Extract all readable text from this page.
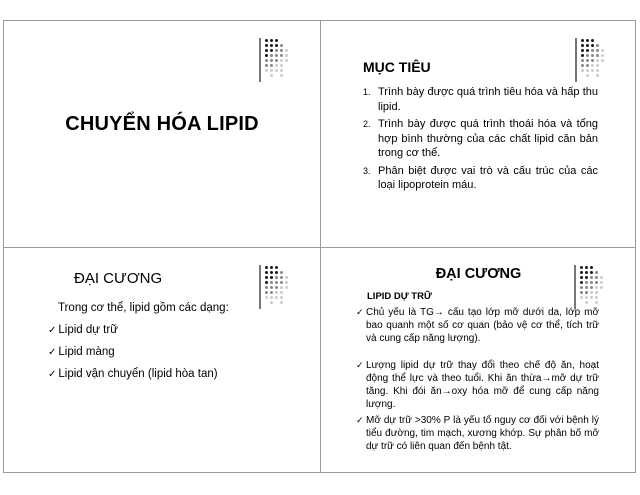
CHUYỂN HÓA LIPID
MỤC TIÊU
1. Trình bày được quá trình tiêu hóa và hấp thu lipid.
2. Trình bày được quá trình thoái hóa và tổng hợp bình thường của các chất lipid căn bản trong cơ thể.
3. Phân biệt được vai trò và cấu trúc của các loại lipoprotein máu.
ĐẠI CƯƠNG
Trong cơ thể, lipid gồm các dạng:
✓ Lipid dự trữ
✓ Lipid màng
✓ Lipid vận chuyển (lipid hòa tan)
ĐẠI CƯƠNG
LIPID DỰ TRỮ
✓ Chủ yếu là TG→ cấu tạo lớp mỡ dưới da, lớp mỡ bao quanh một số cơ quan (bảo vệ cơ thể, tích trữ và cung cấp năng lượng).
✓ Lượng lipid dự trữ thay đổi theo chế độ ăn, hoạt động thể lực và theo tuổi. Khi ăn thừa→mỡ dự trữ tăng. Khi đói ăn→oxy hóa mỡ để cung cấp năng lượng.
✓ Mỡ dự trữ >30% P là yếu tố nguy cơ đối với bệnh lý tiểu đường, tim mạch, xương khớp. Sự phân bố mỡ dự trữ có liên quan đến bệnh tật.
